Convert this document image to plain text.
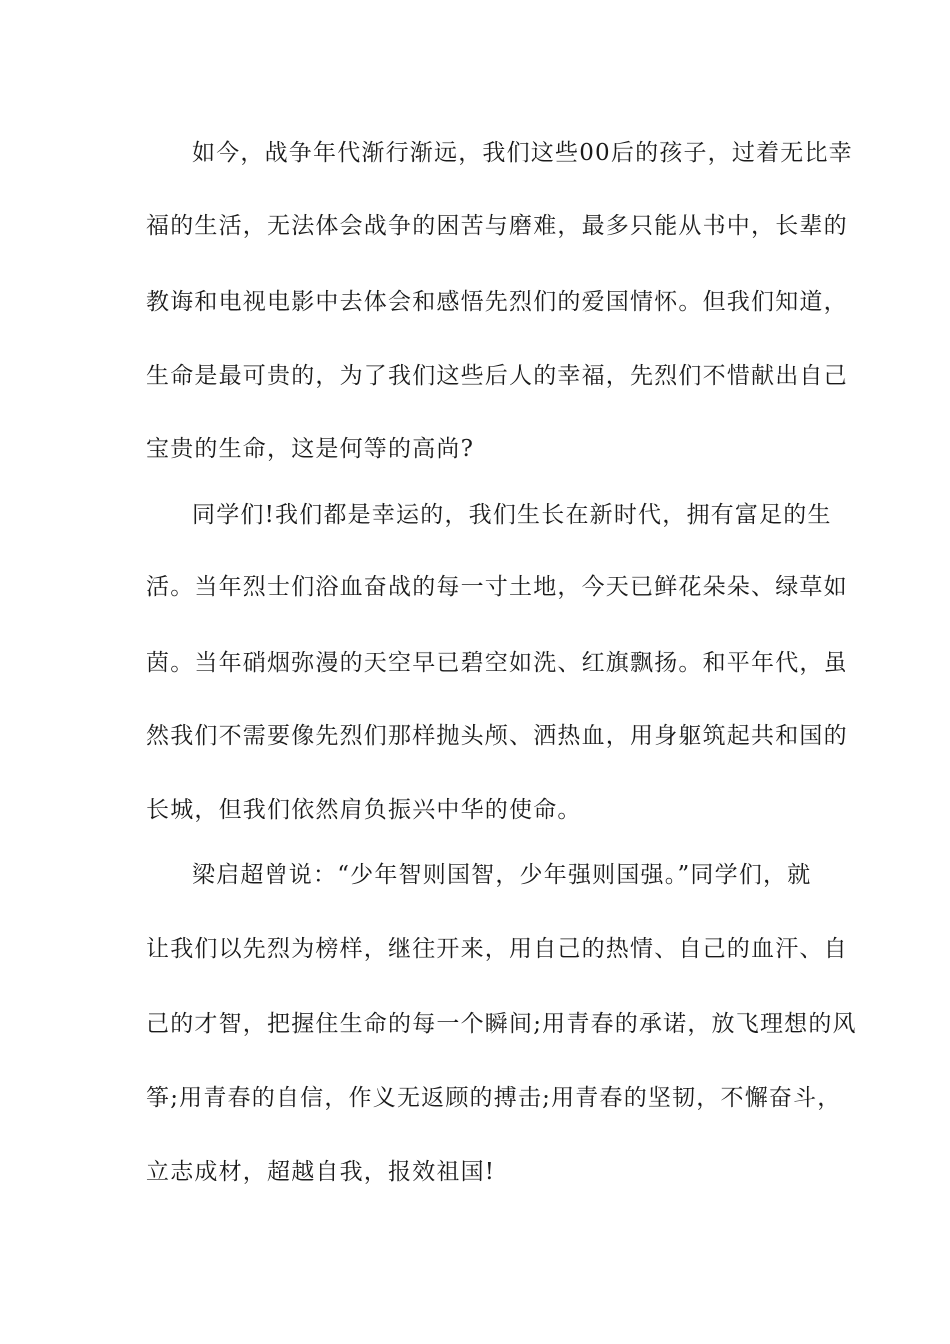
如今，战争年代渐行渐远，我们这些00后的孩子，过着无比幸
福的生活，无法体会战争的困苦与磨难，最多只能从书中，长辈的
教诲和电视电影中去体会和感悟先烈们的爱国情怀。但我们知道，
生命是最可贵的，为了我们这些后人的幸福，先烈们不惜献出自己
宝贵的生命，这是何等的高尚?
同学们!我们都是幸运的，我们生长在新时代，拥有富足的生
活。当年烈士们浴血奋战的每一寸土地，今天已鲜花朵朵、绿草如
茵。当年硝烟弥漫的天空早已碧空如洗、红旗飘扬。和平年代，虽
然我们不需要像先烈们那样抛头颅、洒热血，用身躯筑起共和国的
长城，但我们依然肩负振兴中华的使命。
梁启超曾说：“少年智则国智，少年强则国强。”同学们，就
让我们以先烈为榜样，继往开来，用自己的热情、自己的血汗、自
己的才智，把握住生命的每一个瞬间;用青春的承诺，放飞理想的风
筝;用青春的自信，作义无返顾的搏击;用青春的坚韧，不懈奋斗，
立志成材，超越自我，报效祖国!
